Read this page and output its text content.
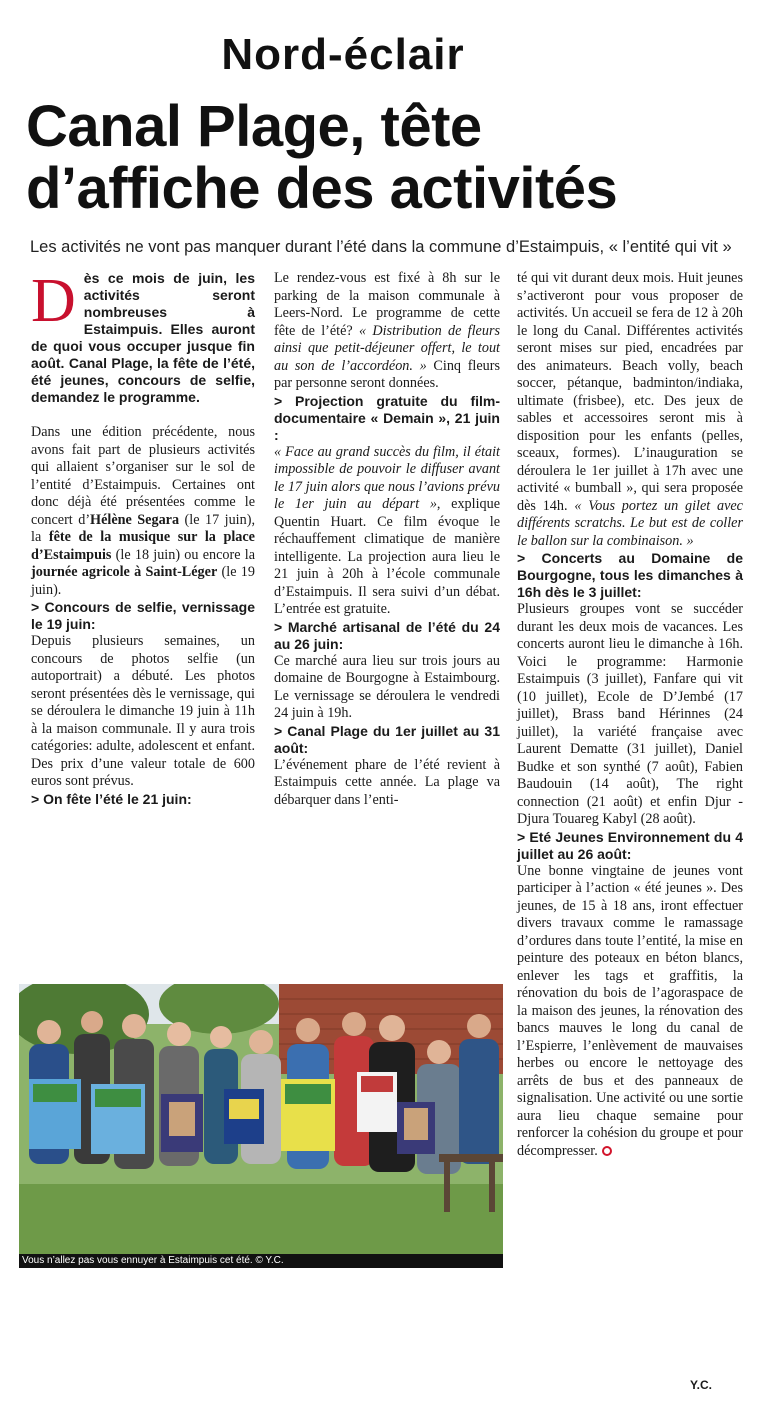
Nord-éclair
Canal Plage, tête
d’affiche des activités
Les activités ne vont pas manquer durant l’été dans la commune d’Estaimpuis, « l’entité qui vit »
Dès ce mois de juin, les activités seront nombreuses à Estaimpuis. Elles auront de quoi vous occuper jusque fin août. Canal Plage, la fête de l’été, été jeunes, concours de selfie, demandez le programme.

Dans une édition précédente, nous avons fait part de plusieurs activités qui allaient s’organiser sur le sol de l’entité d’Estaimpuis. Certaines ont donc déjà été présentées comme le concert d’Hélène Segara (le 17 juin), la fête de la musique sur la place d’Estaimpuis (le 18 juin) ou encore la journée agricole à Saint-Léger (le 19 juin).

> Concours de selfie, vernissage le 19 juin:

Depuis plusieurs semaines, un concours de photos selfie (un autoportrait) a débuté. Les photos seront présentées dès le vernissage, qui se déroulera le dimanche 19 juin à 11h à la maison communale. Il y aura trois catégories: adulte, adolescent et enfant. Des prix d’une valeur totale de 600 euros sont prévus.

> On fête l’été le 21 juin:

Le rendez-vous est fixé à 8h sur le parking de la maison communale à Leers-Nord. Le programme de cette fête de l’été? « Distribution de fleurs ainsi que petit-déjeuner offert, le tout au son de l’accordéon. » Cinq fleurs par personne seront données.

> Projection gratuite du film-documentaire « Demain », 21 juin :

« Face au grand succès du film, il était impossible de pouvoir le diffuser avant le 17 juin alors que nous l’avions prévu le 1er juin au départ », explique Quentin Huart. Ce film évoque le réchauffement climatique de manière intelligente. La projection aura lieu le 21 juin à 20h à l’école communale d’Estaimpuis. Il sera suivi d’un débat. L’entrée est gratuite.

> Marché artisanal de l’été du 24 au 26 juin:

Ce marché aura lieu sur trois jours au domaine de Bourgogne à Estaimbourg. Le vernissage se déroulera le vendredi 24 juin à 19h.

> Canal Plage du 1er juillet au 31 août:

L’événement phare de l’été revient à Estaimpuis cette année. La plage va débarquer dans l’enti-

té qui vit durant deux mois. Huit jeunes s’activeront pour vous proposer de activités. Un accueil se fera de 12 à 20h le long du Canal. Différentes activités seront mises sur pied, encadrées par des animateurs. Beach volly, beach soccer, pétanque, badminton/indiaka, ultimate (frisbee), etc. Des jeux de sables et accessoires seront mis à disposition pour les enfants (pelles, sceaux, formes). L’inauguration se déroulera le 1er juillet à 17h avec une activité « bumball », qui sera proposée dès 14h. « Vous portez un gilet avec différents scratchs. Le but est de coller le ballon sur la combinaison. »

> Concerts au Domaine de Bourgogne, tous les dimanches à 16h dès le 3 juillet:

Plusieurs groupes vont se succéder durant les deux mois de vacances. Les concerts auront lieu le dimanche à 16h. Voici le programme: Harmonie Estaimpuis (3 juillet), Fanfare qui vit (10 juillet), Ecole de D’Jembé (17 juillet), Brass band Hérinnes (24 juillet), la variété française avec Laurent Dematte (31 juillet), Daniel Budke et son synthé (7 août), Fabien Baudouin (14 août), The right connection (21 août) et enfin Djur - Djura Touareg Kabyl (28 août).

> Eté Jeunes Environnement du 4 juillet au 26 août:

Une bonne vingtaine de jeunes vont participer à l’action « été jeunes ». Des jeunes, de 15 à 18 ans, iront effectuer divers travaux comme le ramassage d’ordures dans toute l’entité, la mise en peinture des poteaux en béton blancs, enlever les tags et graffitis, la rénovation du bois de l’agoraspace de la maison des jeunes, la rénovation des bancs mauves le long du canal de l’Espierre, l’enlèvement de mauvaises herbes ou encore le nettoyage des arrêts de bus et des panneaux de signalisation. Une activité ou une sortie aura lieu chaque semaine pour renforcer la cohésion du groupe et pour décompresser.

Vous n’allez pas vous ennuyer à Estaimpuis cet été. © Y.C.
Y.C.
